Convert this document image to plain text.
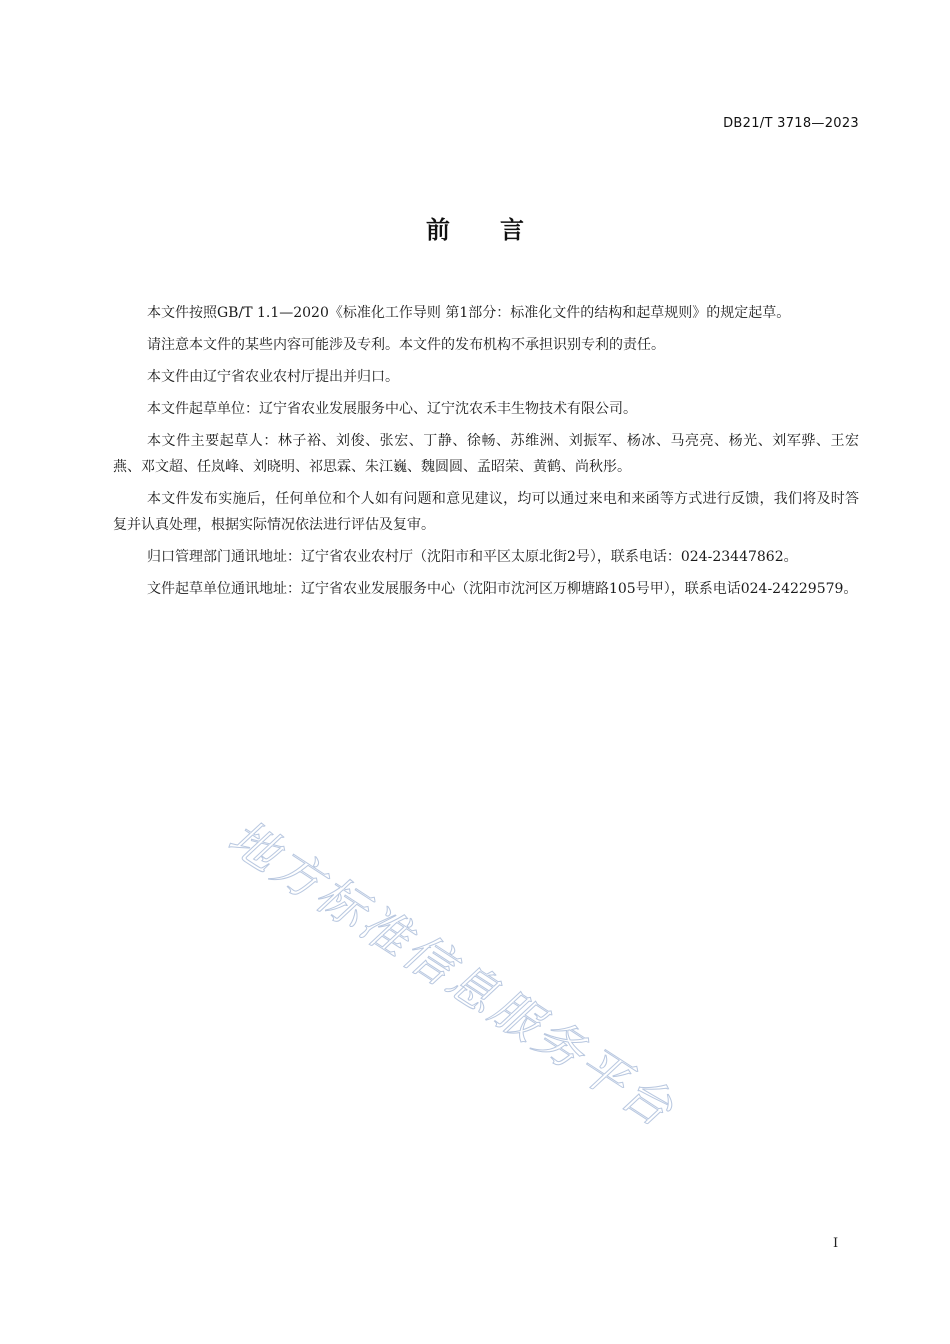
DB21/T 3718—2023
前言

本文件按照GB/T 1.1—2020《标准化工作导则 第1部分：标准化文件的结构和起草规则》的规定起草。

请注意本文件的某些内容可能涉及专利。本文件的发布机构不承担识别专利的责任。

本文件由辽宁省农业农村厅提出并归口。

本文件起草单位：辽宁省农业发展服务中心、辽宁沈农禾丰生物技术有限公司。

本文件主要起草人：林子裕、刘俊、张宏、丁静、徐畅、苏维洲、刘振军、杨冰、马亮亮、杨光、刘军骅、王宏燕、邓文超、任岚峰、刘晓明、祁思霖、朱江巍、魏圆圆、孟昭荣、黄鹤、尚秋彤。

本文件发布实施后，任何单位和个人如有问题和意见建议，均可以通过来电和来函等方式进行反馈，我们将及时答复并认真处理，根据实际情况依法进行评估及复审。

归口管理部门通讯地址：辽宁省农业农村厅（沈阳市和平区太原北街2号），联系电话：024-23447862。

文件起草单位通讯地址：辽宁省农业发展服务中心（沈阳市沈河区万柳塘路105号甲），联系电话024-24229579。

地方标准信息服务平台
I
